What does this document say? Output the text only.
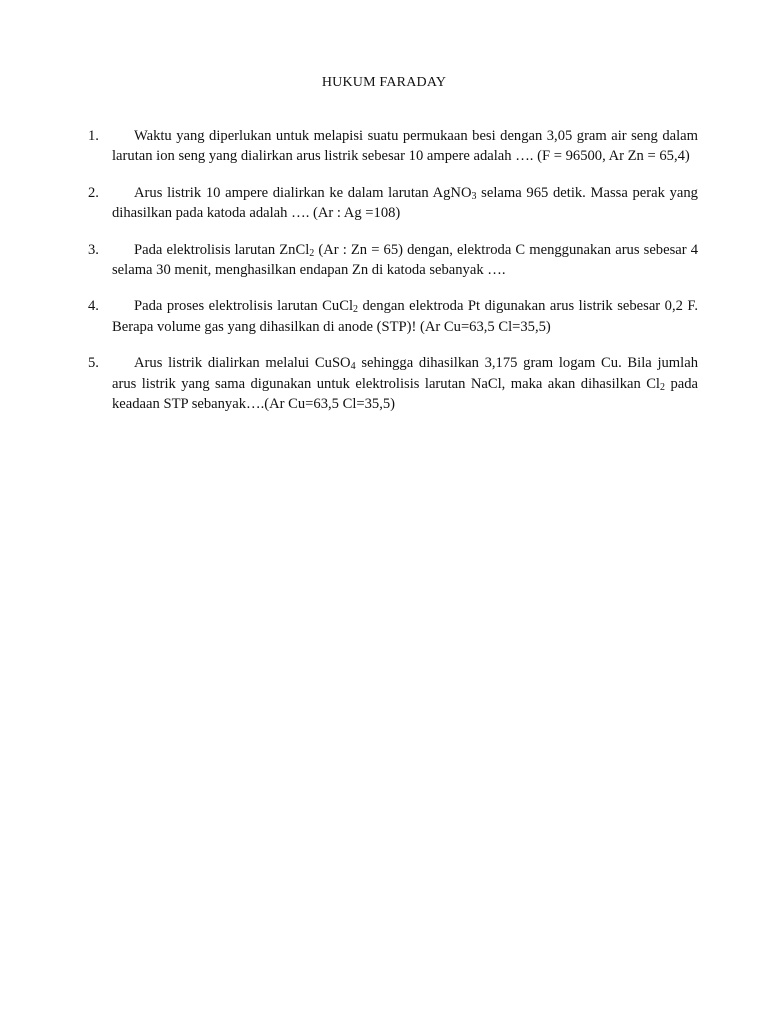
HUKUM FARADAY
1. Waktu yang diperlukan untuk melapisi suatu permukaan besi dengan 3,05 gram air seng dalam larutan ion seng yang dialirkan arus listrik sebesar 10 ampere adalah …. (F = 96500, Ar Zn = 65,4)
2. Arus listrik 10 ampere dialirkan ke dalam larutan AgNO$_3$ selama 965 detik. Massa perak yang dihasilkan pada katoda adalah …. (Ar : Ag =108)
3. Pada elektrolisis larutan ZnCl$_2$ (Ar : Zn = 65) dengan, elektroda C menggunakan arus sebesar 4 selama 30 menit, menghasilkan endapan Zn di katoda sebanyak ….
4. Pada proses elektrolisis larutan CuCl$_2$ dengan elektroda Pt digunakan arus listrik sebesar 0,2 F. Berapa volume gas yang dihasilkan di anode (STP)! (Ar Cu=63,5 Cl=35,5)
5. Arus listrik dialirkan melalui CuSO$_4$ sehingga dihasilkan 3,175 gram logam Cu. Bila jumlah arus listrik yang sama digunakan untuk elektrolisis larutan NaCl, maka akan dihasilkan $Cl_2$ pada keadaan STP sebanyak….(Ar Cu=63,5 Cl=35,5)
